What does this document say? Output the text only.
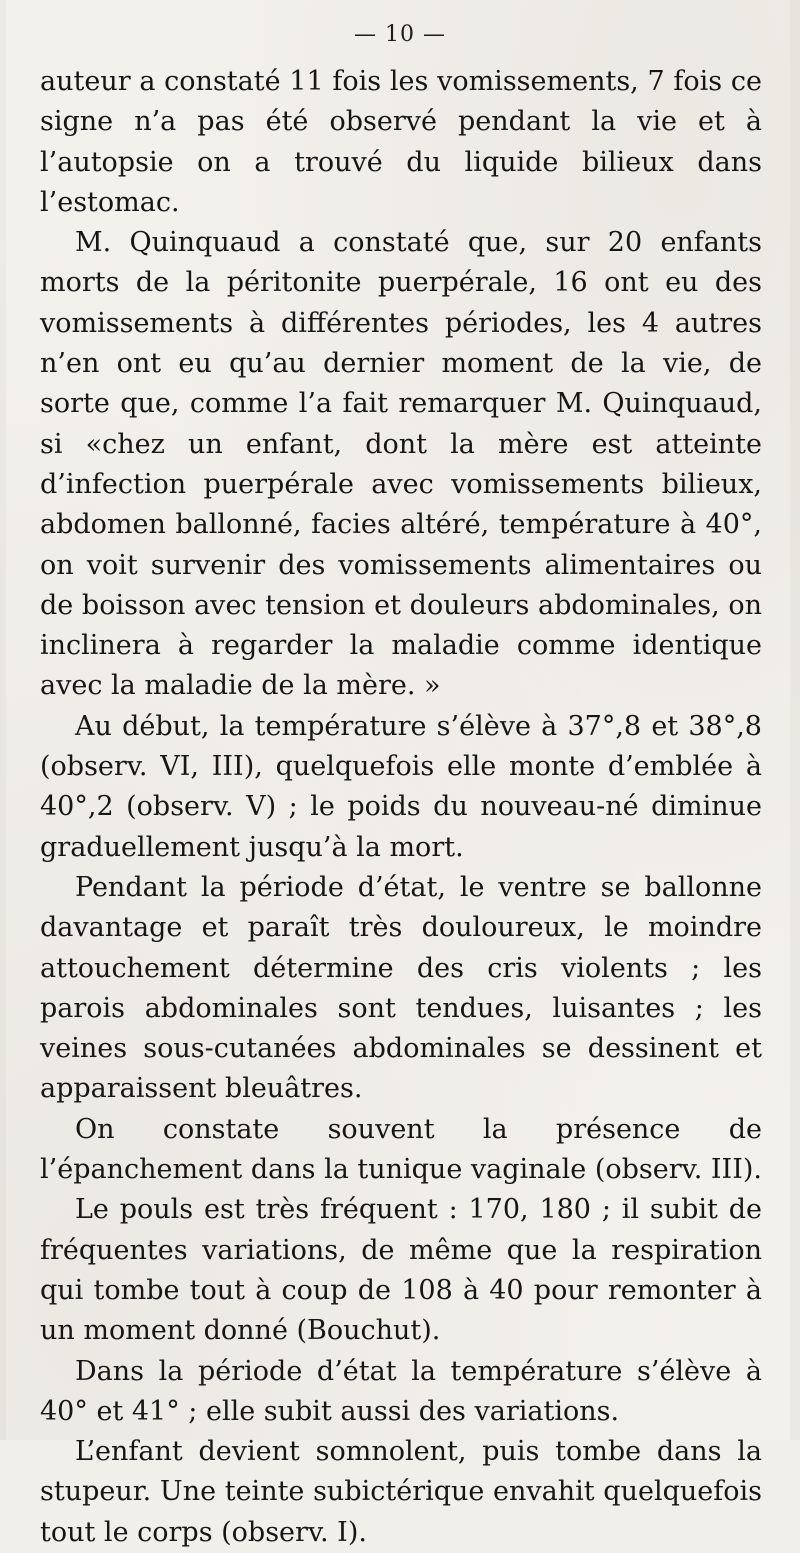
— 10 —

auteur a constaté 11 fois les vomissements, 7 fois ce signe n’a pas été observé pendant la vie et à l’autopsie on a trouvé du liquide bilieux dans l’estomac.

M. Quinquaud a constaté que, sur 20 enfants morts de la péritonite puerpérale, 16 ont eu des vomissements à différentes périodes, les 4 autres n’en ont eu qu’au dernier moment de la vie, de sorte que, comme l’a fait remarquer M. Quinquaud, si «chez un enfant, dont la mère est atteinte d’infection puerpérale avec vomissements bilieux, abdomen ballonné, facies altéré, température à 40°, on voit survenir des vomissements alimentaires ou de boisson avec tension et douleurs abdominales, on inclinera à regarder la maladie comme identique avec la maladie de la mère. »

Au début, la température s’élève à 37°,8 et 38°,8 (observ. VI, III), quelquefois elle monte d’emblée à 40°,2 (observ. V) ; le poids du nouveau-né diminue graduellement jusqu’à la mort.

Pendant la période d’état, le ventre se ballonne davantage et paraît très douloureux, le moindre attouchement détermine des cris violents ; les parois abdominales sont tendues, luisantes ; les veines sous-cutanées abdominales se dessinent et apparaissent bleuâtres.

On constate souvent la présence de l’épanchement dans la tunique vaginale (observ. III).

Le pouls est très fréquent : 170, 180 ; il subit de fréquentes variations, de même que la respiration qui tombe tout à coup de 108 à 40 pour remonter à un moment donné (Bouchut).

Dans la période d’état la température s’élève à 40° et 41° ; elle subit aussi des variations.

L’enfant devient somnolent, puis tombe dans la stupeur. Une teinte subictérique envahit quelquefois tout le corps (observ. I).
